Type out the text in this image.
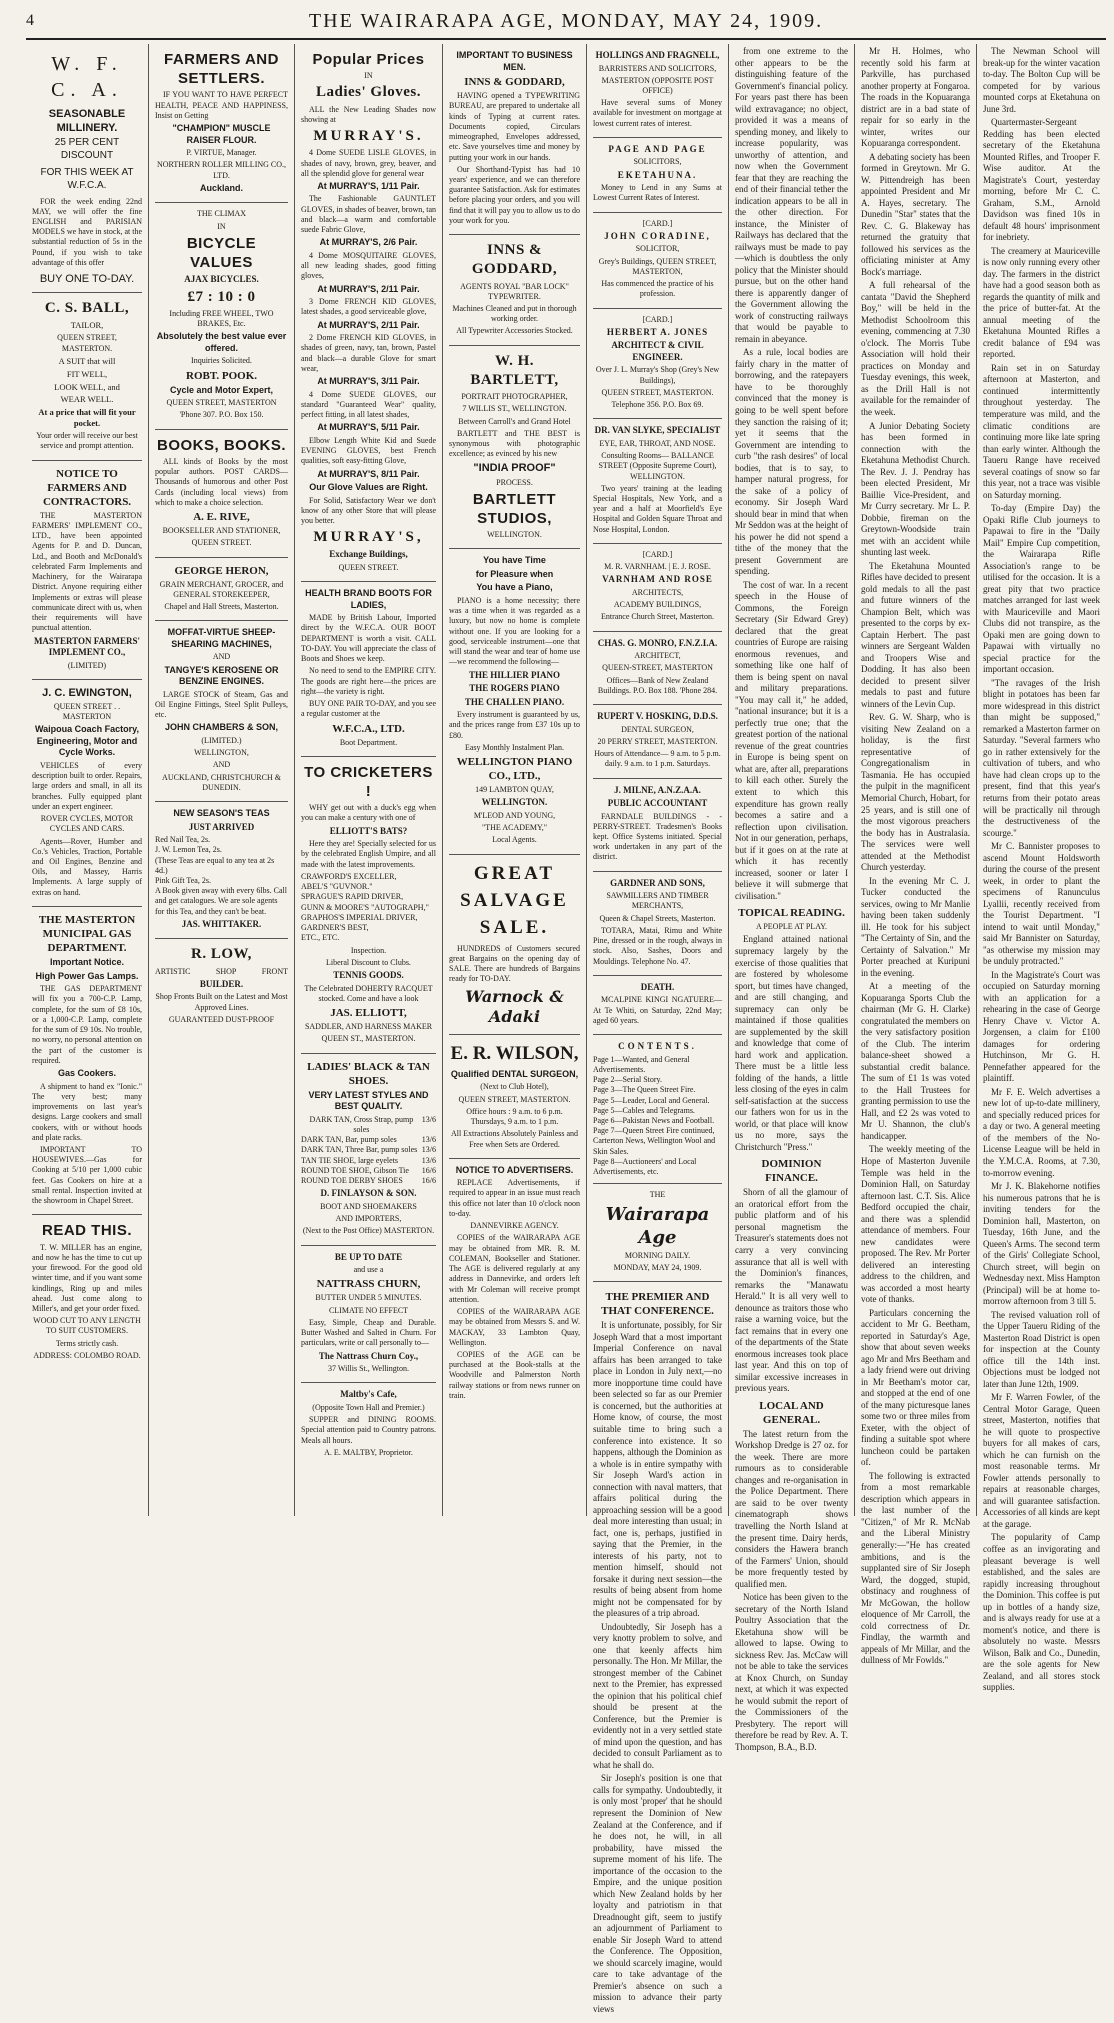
4	THE WAIRARAPA AGE, MONDAY, MAY 24, 1909.
W. F. C. A.
SEASONABLE MILLINERY.
25 PER CENT DISCOUNT
FOR THIS WEEK AT W.F.C.A.
FOR the week ending 22nd MAY, we will offer the fine ENGLISH and PARISIAN MODELS we have in stock, at the substantial reduction of 5s in the Pound, if you wish to take advantage of this offer
BUY ONE TO-DAY.
C. S. BALL,
TAILOR,
QUEEN STREET, MASTERTON.
A SUIT that will
FIT WELL,
LOOK WELL, and
WEAR WELL.
At a price that will fit your pocket.
Your order will receive our best service and prompt attention.
NOTICE TO FARMERS AND CONTRACTORS.
THE MASTERTON FARMERS' IMPLEMENT CO., LTD., have been appointed Agents for P. and D. Duncan, Ltd., and Booth and McDonald's celebrated Farm Implements and Machinery, for the Wairarapa District. Anyone requiring either Implements or extras will please communicate direct with us, when their requirements will have punctual attention.
MASTERTON FARMERS' IMPLEMENT CO.,
(LIMITED)
J. C. EWINGTON,
QUEEN STREET . . MASTERTON
Waipoua Coach Factory, Engineering, Motor and Cycle Works.
VEHICLES of every description built to order. Repairs, large orders and small, in all its branches. Fully equipped plant under an expert engineer.
ROVER CYCLES, MOTOR CYCLES AND CARS.
Agents—Rover, Humber and Co.'s Vehicles, Traction, Portable and Oil Engines, Benzine and Oils, and Massey, Harris Implements. A large supply of extras on hand.
THE MASTERTON MUNICIPAL GAS DEPARTMENT.
Important Notice.
High Power Gas Lamps.
THE GAS DEPARTMENT will fix you a 700-C.P. Lamp, complete, for the sum of £8 10s, or a 1,000-C.P. Lamp, complete for the sum of £9 10s. No trouble, no worry, no personal attention on the part of the customer is required.
Gas Cookers.
A shipment to hand ex "Ionic." The very best; many improvements on last year's designs. Large cookers and small cookers, with or without hoods and plate racks.
IMPORTANT TO HOUSEWIVES.—Gas for Cooking at 5/10 per 1,000 cubic feet. Gas Cookers on hire at a small rental. Inspection invited at the showroom in Chapel Street.
READ THIS.
T. W. MILLER has an engine, and now he has the time to cut up your firewood. For the good old winter time, and if you want some kindlings, Ring up and miles ahead. Just come along to Miller's, and get your order fixed.
WOOD CUT TO ANY LENGTH TO SUIT CUSTOMERS.
Terms strictly cash.
ADDRESS: COLOMBO ROAD.
FARMERS AND SETTLERS.
IF YOU WANT TO HAVE PERFECT HEALTH, PEACE AND HAPPINESS, Insist on Getting
"CHAMPION" MUSCLE RAISER FLOUR.
P. VIRTUE, Manager.
NORTHERN ROLLER MILLING CO., LTD.
Auckland.
THE CLIMAX
IN
BICYCLE VALUES
AJAX BICYCLES.
£7 : 10 : 0
Including FREE WHEEL, TWO BRAKES, Etc.
Absolutely the best value ever offered.
Inquiries Solicited.
ROBT. POOK.
Cycle and Motor Expert,
QUEEN STREET, MASTERTON
'Phone 307. P.O. Box 150.
BOOKS, BOOKS.
ALL kinds of Books by the most popular authors. POST CARDS—Thousands of humorous and other Post Cards (including local views) from which to make a choice selection.
A. E. RIVE,
BOOKSELLER AND STATIONER,
QUEEN STREET.
GEORGE HERON,
GRAIN MERCHANT, GROCER, and GENERAL STOREKEEPER,
Chapel and Hall Streets, Masterton.
MOFFAT-VIRTUE SHEEP-SHEARING MACHINES,
AND
TANGYE'S KEROSENE OR BENZINE ENGINES.
LARGE STOCK of Steam, Gas and Oil Engine Fittings, Steel Split Pulleys, etc.
JOHN CHAMBERS & SON,
(LIMITED.)
WELLINGTON,
AND
AUCKLAND, CHRISTCHURCH & DUNEDIN.
NEW SEASON'S TEAS
JUST ARRIVED
Red Nail Tea, 2s.
J. W. Lemon Tea, 2s.
(These Teas are equal to any tea at 2s 4d.)
Pink Gift Tea, 2s.
A Book given away with every 6lbs. Call and get catalogues. We are sole agents for this Tea, and they can't be beat.
JAS. WHITTAKER.
R. LOW,
ARTISTIC	SHOP	FRONT
BUILDER.
Shop Fronts Built on the Latest and Most Approved Lines.
GUARANTEED DUST-PROOF
Popular Prices
IN
Ladies' Gloves.
ALL the New Leading Shades now showing at
MURRAY'S.
4 Dome SUEDE LISLE GLOVES, in shades of navy, brown, grey, beaver, and all the splendid glove for general wear
At MURRAY'S, 1/11 Pair.
The Fashionable GAUNTLET GLOVES, in shades of beaver, brown, tan and black—a warm and comfortable suede Fabric Glove,
At MURRAY'S, 2/6 Pair.
4 Dome MOSQUITAIRE GLOVES, all new leading shades, good fitting gloves,
At MURRAY'S, 2/11 Pair.
3 Dome FRENCH KID GLOVES, latest shades, a good serviceable glove,
At MURRAY'S, 2/11 Pair.
2 Dome FRENCH KID GLOVES, in shades of green, navy, tan, brown, Pastel and black—a durable Glove for smart wear,
At MURRAY'S, 3/11 Pair.
4 Dome SUEDE GLOVES, our standard "Guaranteed Wear" quality, perfect fitting, in all latest shades,
At MURRAY'S, 5/11 Pair.
Elbow Length White Kid and Suede EVENING GLOVES, best French qualities, soft easy-fitting Glove,
At MURRAY'S, 8/11 Pair.
Our Glove Values are Right.
For Solid, Satisfactory Wear we don't know of any other Store that will please you better.
MURRAY'S,
Exchange Buildings,
QUEEN STREET.
HEALTH BRAND BOOTS FOR LADIES,
MADE by British Labour, Imported direct by the W.F.C.A. OUR BOOT DEPARTMENT is worth a visit. CALL TO-DAY. You will appreciate the class of Boots and Shoes we keep.
No need to send to the EMPIRE CITY. The goods are right here—the prices are right—the variety is right.
BUY ONE PAIR TO-DAY, and you see a regular customer at the
W.F.C.A., LTD.
Boot Department.
TO CRICKETERS !
WHY get out with a duck's egg when you can make a century with one of
ELLIOTT'S BATS?
Here they are! Specially selected for us by the celebrated English Umpire, and all made with the latest improvements.
CRAWFORD'S EXCELLER,
ABEL'S "GUVNOR."
SPRAGUE'S RAPID DRIVER,
GUNN & MOORE'S "AUTOGRAPH,"
GRAPHOS'S IMPERIAL DRIVER,
GARDNER'S BEST,
ETC., ETC.
Inspection.
Liberal Discount to Clubs.
TENNIS GOODS.
The Celebrated DOHERTY RACQUET stocked. Come and have a look
JAS. ELLIOTT,
SADDLER, AND HARNESS MAKER
QUEEN ST., MASTERTON.
LADIES' BLACK & TAN SHOES.
VERY LATEST STYLES AND BEST QUALITY.
DARK TAN, Cross Strap, pump soles
13/6
DARK TAN, Bar, pump soles	13/6
DARK TAN, Three Bar, pump soles 13/6
TAN TIE SHOE, large eyelets	13/6
ROUND TOE SHOE, Gibson Tie 16/6
ROUND TOE DERBY SHOES 16/6
D. FINLAYSON & SON.
BOOT AND SHOEMAKERS
AND IMPORTERS,
(Next to the Post Office) MASTERTON.
BE UP TO DATE
and use a
NATTRASS CHURN,
BUTTER UNDER 5 MINUTES.
CLIMATE NO EFFECT
Easy, Simple, Cheap and Durable. Butter Washed and Salted in Churn. For particulars, write or call personally to—
The Nattrass Churn Coy.,
37 Willis St., Wellington.
Maltby's Cafe,
(Opposite Town Hall and Premier.)
SUPPER and DINING ROOMS. Special attention paid to Country patrons. Meals all hours.
A. E. MALTBY, Proprietor.
IMPORTANT TO BUSINESS MEN.
INNS & GODDARD,
HAVING opened a TYPEWRITING BUREAU, are prepared to undertake all kinds of Typing at current rates. Documents copied, Circulars mimeographed, Envelopes addressed, etc. Save yourselves time and money by putting your work in our hands.
Our Shorthand-Typist has had 10 years' experience, and we can therefore guarantee Satisfaction. Ask for estimates before placing your orders, and you will find that it will pay you to allow us to do your work for you.
INNS & GODDARD,
AGENTS ROYAL "BAR LOCK" TYPEWRITER.
Machines Cleaned and put in thorough working order.
All Typewriter Accessories Stocked.
W. H. BARTLETT,
PORTRAIT PHOTOGRAPHER,
7 WILLIS ST., WELLINGTON.
Between Carroll's and Grand Hotel
BARTLETT and THE BEST is synonymous with photographic excellence; as evinced by his new
"INDIA PROOF"
PROCESS.
BARTLETT STUDIOS,
WELLINGTON.
You have Time
for Pleasure when
You have a Piano,
PIANO is a home necessity; there was a time when it was regarded as a luxury, but now no home is complete without one. If you are looking for a good, serviceable instrument—one that will stand the wear and tear of home use—we recommend the following—
THE HILLIER PIANO
THE ROGERS PIANO
THE CHALLEN PIANO.
Every instrument is guaranteed by us, and the prices range from £37 10s up to £80.
Easy Monthly Instalment Plan.
WELLINGTON PIANO CO., LTD.,
149 LAMBTON QUAY,
WELLINGTON.
M'LEOD AND YOUNG,
"THE ACADEMY,"
Local Agents.
GREAT
SALVAGE
SALE.
HUNDREDS of Customers secured great Bargains on the opening day of SALE. There are hundreds of Bargains ready for TO-DAY.
Warnock & Adaki
E. R. WILSON,
Qualified DENTAL SURGEON,
(Next to Club Hotel),
QUEEN STREET, MASTERTON.
Office hours : 9 a.m. to 6 p.m. Thursdays, 9 a.m. to 1 p.m.
All Extractions Absolutely Painless and Free when Sets are Ordered.
NOTICE TO ADVERTISERS.
REPLACE Advertisements, if required to appear in an issue must reach this office not later than 10 o'clock noon to-day.
DANNEVIRKE AGENCY.
COPIES of the WAIRARAPA AGE may be obtained from MR. R. M. COLEMAN, Bookseller and Stationer. The AGE is delivered regularly at any address in Dannevirke, and orders left with Mr Coleman will receive prompt attention.
COPIES of the WAIRARAPA AGE may be obtained from Messrs S. and W. MACKAY, 33 Lambton Quay, Wellington.
COPIES of the AGE can be purchased at the Book-stalls at the Woodville and Palmerston North railway stations or from news runner on train.
HOLLINGS AND FRAGNELL,
BARRISTERS AND SOLICITORS,
MASTERTON (OPPOSITE POST OFFICE)
Have several sums of Money available for investment on mortgage at lowest current rates of interest.
PAGE AND PAGE
SOLICITORS,
EKETAHUNA.
Money to Lend in any Sums at Lowest Current Rates of Interest.
[CARD.]
JOHN CORADINE,
SOLICITOR,
Grey's Buildings, QUEEN STREET, MASTERTON,
Has commenced the practice of his profession.
[CARD.]
HERBERT A. JONES
ARCHITECT & CIVIL ENGINEER.
Over J. L. Murray's Shop (Grey's New Buildings),
QUEEN STREET, MASTERTON.
Telephone 356. P.O. Box 69.
DR. VAN SLYKE, SPECIALIST
EYE, EAR, THROAT, AND NOSE.
Consulting Rooms— BALLANCE STREET (Opposite Supreme Court), WELLINGTON.
Two years' training at the leading Special Hospitals, New York, and a year and a half at Moorfield's Eye Hospital and Golden Square Throat and Nose Hospital, London.
[CARD.]
M. R. VARNHAM. | E. J. ROSE.
VARNHAM AND ROSE
ARCHITECTS,
ACADEMY BUILDINGS,
Entrance Church Street, Masterton.
CHAS. G. MONRO, F.N.Z.I.A.
ARCHITECT,
QUEEN-STREET, MASTERTON
Offices—Bank of New Zealand Buildings. P.O. Box 188. 'Phone 284.
RUPERT V. HOSKING, D.D.S.
DENTAL SURGEON,
20 PERRY STREET, MASTERTON.
Hours of Attendance— 9 a.m. to 5 p.m. daily. 9 a.m. to 1 p.m. Saturdays.
J. MILNE, A.N.Z.A.A.
PUBLIC ACCOUNTANT
FARNDALE BUILDINGS - - PERRY-STREET. Tradesmen's Books kept. Office Systems initiated. Special work undertaken in any part of the district.
GARDNER AND SONS,
SAWMILLERS AND TIMBER MERCHANTS,
Queen & Chapel Streets, Masterton.
TOTARA, Matai, Rimu and White Pine, dressed or in the rough, always in stock. Also, Sashes, Doors and Mouldings. Telephone No. 47.
DEATH.
MCALPINE KINGI NGATUERE—At Te Whiti, on Saturday, 22nd May; aged 60 years.
CONTENTS.
Page 1—Wanted, and General Advertisements.
Page 2—Serial Story.
Page 3—The Queen Street Fire.
Page 5—Leader, Local and General.
Page 5—Cables and Telegrams.
Page 6—Pakistan News and Football.
Page 7—Queen Street Fire continued, Carterton News, Wellington Wool and Skin Sales.
Page 8—Auctioneers' and Local Advertisements, etc.
THE
Wairarapa Age
MORNING DAILY.
MONDAY, MAY 24, 1909.
THE PREMIER AND THAT CONFERENCE.
It is unfortunate, possibly, for Sir Joseph Ward that a most important Imperial Conference on naval affairs has been arranged to take place in London in July next,—no more inopportune time could have been selected so far as our Premier is concerned, but the authorities at Home know, of course, the most suitable time to bring such a conference into existence. It so happens, although the Dominion as a whole is in entire sympathy with Sir Joseph Ward's action in connection with naval matters, that affairs political during the approaching session will be a good deal more interesting than usual; in fact, one is, perhaps, justified in saying that the Premier, in the interests of his party, not to mention himself, should not forsake it during next session—the results of being absent from home might not be compensated for by the pleasures of a trip abroad.
Undoubtedly, Sir Joseph has a very knotty problem to solve, and one that keenly affects him personally. The Hon. Mr Millar, the strongest member of the Cabinet next to the Premier, has expressed the opinion that his political chief should be present at the Conference, but the Premier is evidently not in a very settled state of mind upon the question, and has decided to consult Parliament as to what he shall do.
Sir Joseph's position is one that calls for sympathy. Undoubtedly, it is only most 'proper' that he should represent the Dominion of New Zealand at the Conference, and if he does not, he will, in all probability, have missed the supreme moment of his life. The importance of the occasion to the Empire, and the unique position which New Zealand holds by her loyalty and patriotism in that Dreadnought gift, seem to justify an adjournment of Parliament to enable Sir Joseph Ward to attend the Conference. The Opposition, we should scarcely imagine, would care to take advantage of the Premier's absence on such a mission to advance their party views
from one extreme to the other appears to be the distinguishing feature of the Government's financial policy. For years past there has been wild extravagance; no object, provided it was a means of spending money, and likely to increase popularity, was unworthy of attention, and now when the Government fear that they are reaching the end of their financial tether the indication appears to be all in the other direction. For instance, the Minister of Railways has declared that the railways must be made to pay—which is doubtless the only policy that the Minister should pursue, but on the other hand there is apparently danger of the Government allowing the work of constructing railways that would be payable to remain in abeyance.
As a rule, local bodies are fairly chary in the matter of borrowing, and the ratepayers have to be thoroughly convinced that the money is going to be well spent before they sanction the raising of it; yet it seems that the Government are intending to curb "the rash desires" of local bodies, that is to say, to hamper natural progress, for the sake of a policy of economy. Sir Joseph Ward should bear in mind that when Mr Seddon was at the height of his power he did not spend a tithe of the money that the present Government are spending.
The cost of war. In a recent speech in the House of Commons, the Foreign Secretary (Sir Edward Grey) declared that the great countries of Europe are raising enormous revenues, and something like one half of them is being spent on naval and military preparations. "You may call it," he added, "national insurance; but it is a perfectly true one; that the greatest portion of the national revenue of the great countries in Europe is being spent on what are, after all, preparations to kill each other. Surely the extent to which this expenditure has grown really becomes a satire and a reflection upon civilisation. Not in our generation, perhaps, but if it goes on at the rate at which it has recently increased, sooner or later I believe it will submerge that civilisation."
TOPICAL READING.
A PEOPLE AT PLAY.
England attained national supremacy largely by the exercise of those qualities that are fostered by wholesome sport, but times have changed, and are still changing, and supremacy can only be maintained if those qualities are supplemented by the skill and knowledge that come of hard work and application. There must be a little less folding of the hands, a little less closing of the eyes in calm self-satisfaction at the success our fathers won for us in the world, or that place will know us no more, says the Christchurch "Press."
DOMINION FINANCE.
Shorn of all the glamour of an oratorical effort from the public platform and of his personal magnetism the Treasurer's statements does not carry a very convincing assurance that all is well with the Dominion's finances, remarks the "Manawatu Herald." It is all very well to denounce as traitors those who raise a warning voice, but the fact remains that in every one of the departments of the State enormous increases took place last year. And this on top of similar excessive increases in previous years.
LOCAL AND GENERAL.
The latest return from the Workshop Dredge is 27 oz. for the week. There are more rumours as to considerable changes and re-organisation in the Police Department. There are said to be over twenty cinematograph shows travelling the North Island at the present time. Dairy herds, considers the Hawera branch of the Farmers' Union, should be more frequently tested by qualified men.
Notice has been given to the secretary of the North Island Poultry Association that the Eketahuna show will be allowed to lapse. Owing to sickness Rev. Jas. McCaw will not be able to take the services at Knox Church, on Sunday next, at which it was expected he would submit the report of the Commissioners of the Presbytery. The report will therefore be read by Rev. A. T. Thompson, B.A., B.D.
Mr H. Holmes, who recently sold his farm at Parkville, has purchased another property at Fongaroa. The roads in the Kopuaranga district are in a bad state of repair for so early in the winter, writes our Kopuaranga correspondent.
A debating society has been formed in Greytown. Mr G. W. Pittendreigh has been appointed President and Mr A. Hayes, secretary. The Dunedin "Star" states that the Rev. C. G. Blakeway has returned the gratuity that followed his services as the officiating minister at Amy Bock's marriage.
A full rehearsal of the cantata "David the Shepherd Boy," will be held in the Methodist Schoolroom this evening, commencing at 7.30 o'clock. The Morris Tube Association will hold their practices on Monday and Tuesday evenings, this week, as the Drill Hall is not available for the remainder of the week.
A Junior Debating Society has been formed in connection with the Eketahuna Methodist Church. The Rev. J. J. Pendray has been elected President, Mr Baillie Vice-President, and Mr Curry secretary. Mr L. P. Dobbie, fireman on the Greytown-Woodside train met with an accident while shunting last week.
The Eketahuna Mounted Rifles have decided to present gold medals to all the past and future winners of the Champion Belt, which was presented to the corps by ex-Captain Herbert. The past winners are Sergeant Walden and Troopers Wise and Dodding. It has also been decided to present silver medals to past and future winners of the Levin Cup.
Rev. G. W. Sharp, who is visiting New Zealand on a holiday, is the first representative of Congregationalism in Tasmania. He has occupied the pulpit in the magnificent Memorial Church, Hobart, for 25 years, and is still one of the most vigorous preachers the body has in Australasia. The services were well attended at the Methodist Church yesterday.
In the evening Mr C. J. Tucker conducted the services, owing to Mr Manlie having been taken suddenly ill. He took for his subject "The Certainty of Sin, and the Certainty of Salvation." Mr Porter preached at Kuripuni in the evening.
At a meeting of the Kopuaranga Sports Club the chairman (Mr G. H. Clarke) congratulated the members on the very satisfactory position of the Club. The interim balance-sheet showed a substantial credit balance. The sum of £1 1s was voted to the Hall Trustees for granting permission to use the Hall, and £2 2s was voted to Mr U. Shannon, the club's handicapper.
The weekly meeting of the Hope of Masterton Juvenile Temple was held in the Dominion Hall, on Saturday afternoon last. C.T. Sis. Alice Bedford occupied the chair, and there was a splendid attendance of members. Four new candidates were proposed. The Rev. Mr Porter delivered an interesting address to the children, and was accorded a most hearty vote of thanks.
Particulars concerning the accident to Mr G. Beetham, reported in Saturday's Age, show that about seven weeks ago Mr and Mrs Beetham and a lady friend were out driving in Mr Beetham's motor car, and stopped at the end of one of the many picturesque lanes some two or three miles from Exeter, with the object of finding a suitable spot where luncheon could be partaken of.
The following is extracted from a most remarkable description which appears in the last number of the "Citizen," of Mr R. McNab and the Liberal Ministry generally:—"He has created ambitions, and is the supplanted sire of Sir Joseph Ward, the dogged, stupid, obstinacy and roughness of Mr McGowan, the hollow eloquence of Mr Carroll, the cold correctness of Dr. Findlay, the warmth and appeals of Mr Millar, and the dullness of Mr Fowlds."
The Newman School will break-up for the winter vacation to-day. The Bolton Cup will be competed for by various mounted corps at Eketahuna on June 3rd.
Quartermaster-Sergeant Redding has been elected secretary of the Eketahuna Mounted Rifles, and Trooper F. Wise auditor. At the Magistrate's Court, yesterday morning, before Mr C. C. Graham, S.M., Arnold Davidson was fined 10s in default 48 hours' imprisonment for inebriety.
The creamery at Mauriceville is now only running every other day. The farmers in the district have had a good season both as regards the quantity of milk and the price of butter-fat. At the annual meeting of the Eketahuna Mounted Rifles a credit balance of £94 was reported.
Rain set in on Saturday afternoon at Masterton, and continued intermittently throughout yesterday. The temperature was mild, and the climatic conditions are continuing more like late spring than early winter. Although the Taueru Range have received several coatings of snow so far this year, not a trace was visible on Saturday morning.
To-day (Empire Day) the Opaki Rifle Club journeys to Papawai to fire in the "Daily Mail" Empire Cup competition, the Wairarapa Rifle Association's range to be utilised for the occasion. It is a great pity that two practice matches arranged for last week with Mauriceville and Maori Clubs did not transpire, as the Opaki men are going down to Papawai with virtually no special practice for the important occasion.
"The ravages of the Irish blight in potatoes has been far more widespread in this district than might be supposed," remarked a Masterton farmer on Saturday. "Several farmers who go in rather extensively for the cultivation of tubers, and who have had clean crops up to the present, find that this year's returns from their potato areas will be practically nil through the destructiveness of the scourge."
Mr C. Bannister proposes to ascend Mount Holdsworth during the course of the present week, in order to plant the specimens of Ranunculus Lyallii, recently received from the Tourist Department. "I intend to wait until Monday," said Mr Bannister on Saturday, "as otherwise my mission may be unduly protracted."
In the Magistrate's Court was occupied on Saturday morning with an application for a rehearing in the case of George Henry Chave v. Victor A. Jorgensen, a claim for £100 damages for ordering Hutchinson, Mr G. H. Pennefather appeared for the plaintiff.
Mr F. E. Welch advertises a new lot of up-to-date millinery, and specially reduced prices for a day or two. A general meeting of the members of the No-License League will be held in the Y.M.C.A. Rooms, at 7.30, to-morrow evening.
Mr J. K. Blakehorne notifies his numerous patrons that he is inviting tenders for the Dominion hall, Masterton, on Tuesday, 16th June, and the Queen's Arms. The second term of the Girls' Collegiate School, Church street, will begin on Wednesday next. Miss Hampton (Principal) will be at home to-morrow afternoon from 3 till 5.
The revised valuation roll of the Upper Taueru Riding of the Masterton Road District is open for inspection at the County office till the 14th inst. Objections must be lodged not later than June 12th, 1909.
Mr F. Warren Fowler, of the Central Motor Garage, Queen street, Masterton, notifies that he will quote to prospective buyers for all makes of cars, which he can furnish on the most reasonable terms. Mr Fowler attends personally to repairs at reasonable charges, and will guarantee satisfaction. Accessories of all kinds are kept at the garage.
The popularity of Camp coffee as an invigorating and pleasant beverage is well established, and the sales are rapidly increasing throughout the Dominion. This coffee is put up in bottles of a handy size, and is always ready for use at a moment's notice, and there is absolutely no waste. Messrs Wilson, Balk and Co., Dunedin, are the sole agents for New Zealand, and all stores stock supplies.
